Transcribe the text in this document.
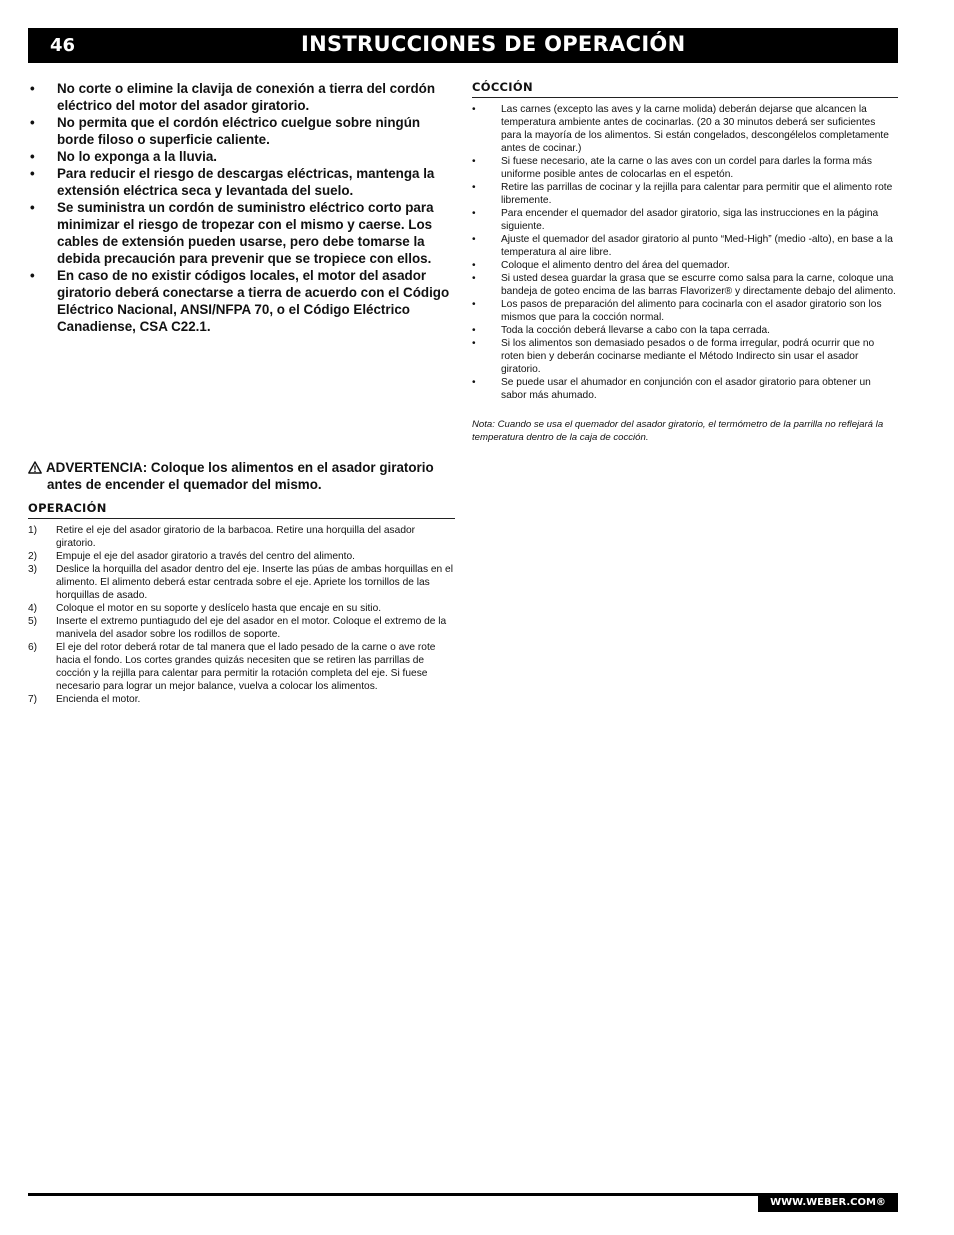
46	INSTRUCCIONES DE OPERACIÓN
• No corte o elimine la clavija de conexión a tierra del cordón eléctrico del motor del asador giratorio.
• No permita que el cordón eléctrico cuelgue sobre ningún borde filoso o superficie caliente.
• No lo exponga a la lluvia.
• Para reducir el riesgo de descargas eléctricas, mantenga la extensión eléctrica seca y levantada del suelo.
• Se suministra un cordón de suministro eléctrico corto para minimizar el riesgo de tropezar con el mismo y caerse. Los cables de extensión pueden usarse, pero debe tomarse la debida precaución para prevenir que se tropiece con ellos.
• En caso de no existir códigos locales, el motor del asador giratorio deberá conectarse a tierra de acuerdo con el Código Eléctrico Nacional, ANSI/NFPA 70, o el Código Eléctrico Canadiense, CSA C22.1.
ADVERTENCIA: Coloque los alimentos en el asador giratorio
antes de encender el quemador del mismo.
OPERACIÓN
1) Retire el eje del asador giratorio de la barbacoa. Retire una horquilla del asador giratorio.
2) Empuje el eje del asador giratorio a través del centro del alimento.
3) Deslice la horquilla del asador dentro del eje. Inserte las púas de ambas horquillas en el alimento. El alimento deberá estar centrada sobre el eje. Apriete los tornillos de las horquillas de asado.
4) Coloque el motor en su soporte y deslícelo hasta que encaje en su sitio.
5) Inserte el extremo puntiagudo del eje del asador en el motor. Coloque el extremo de la manivela del asador sobre los rodillos de soporte.
6) El eje del rotor deberá rotar de tal manera que el lado pesado de la carne o ave rote hacia el fondo. Los cortes grandes quizás necesiten que se retiren las parrillas de cocción y la rejilla para calentar para permitir la rotación completa del eje. Si fuese necesario para lograr un mejor balance, vuelva a colocar los alimentos.
7) Encienda el motor.
CÓCCIÓN
• Las carnes (excepto las aves y la carne molida) deberán dejarse que alcancen la temperatura ambiente antes de cocinarlas. (20 a 30 minutos deberá ser suficientes para la mayoría de los alimentos. Si están congelados, descongélelos completamente antes de cocinar.)
• Si fuese necesario, ate la carne o las aves con un cordel para darles la forma más uniforme posible antes de colocarlas en el espetón.
• Retire las parrillas de cocinar y la rejilla para calentar para permitir que el alimento rote libremente.
• Para encender el quemador del asador giratorio, siga las instrucciones en la página siguiente.
• Ajuste el quemador del asador giratorio al punto “Med-High” (medio -alto), en base a la temperatura al aire libre.
• Coloque el alimento dentro del área del quemador.
• Si usted desea guardar la grasa que se escurre como salsa para la carne, coloque una bandeja de goteo encima de las barras Flavorizer® y directamente debajo del alimento.
• Los pasos de preparación del alimento para cocinarla con el asador giratorio son los mismos que para la cocción normal.
• Toda la cocción deberá llevarse a cabo con la tapa cerrada.
• Si los alimentos son demasiado pesados o de forma irregular, podrá ocurrir que no roten bien y deberán cocinarse mediante el Método Indirecto sin usar el asador giratorio.
• Se puede usar el ahumador en conjunción con el asador giratorio para obtener un sabor más ahumado.
Nota: Cuando se usa el quemador del asador giratorio, el termómetro de la parrilla no reflejará la temperatura dentro de la caja de cocción.
WWW.WEBER.COM®
